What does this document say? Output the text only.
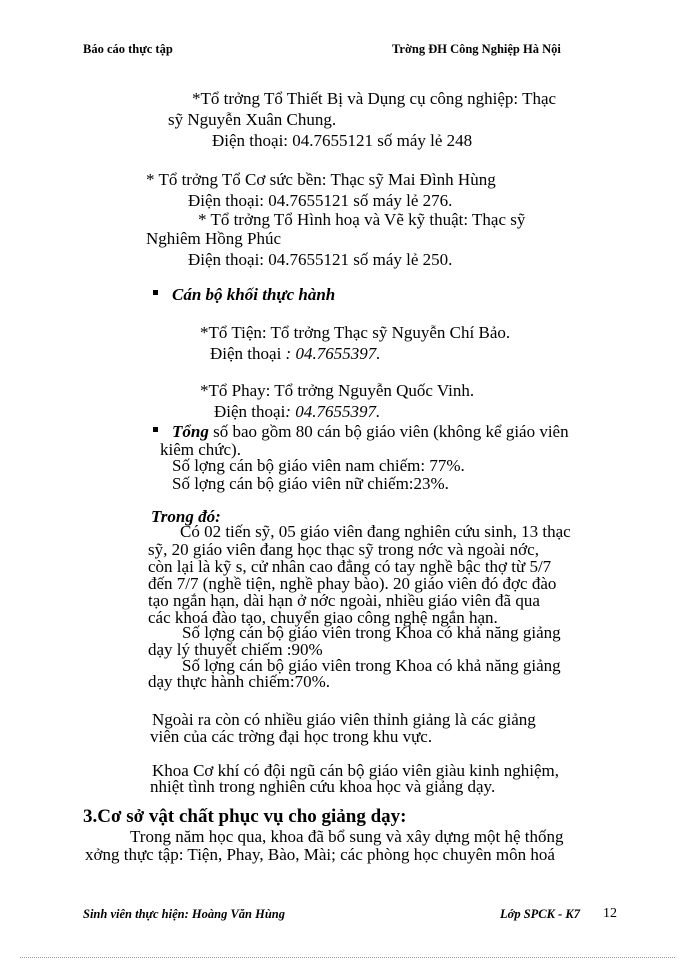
Báo cáo thực tập	Trờng ĐH Công Nghiệp Hà Nội
*Tổ trởng Tổ Thiết Bị và Dụng cụ công nghiệp: Thạc
sỹ Nguyễn Xuân Chung.
Điện thoại: 04.7655121 số máy lẻ 248
* Tổ trởng Tổ Cơ sức bền: Thạc sỹ Mai Đình Hùng
Điện thoại: 04.7655121 số máy lẻ 276.
* Tổ trởng Tổ Hình hoạ và Vẽ kỹ thuật: Thạc sỹ
Nghiêm Hồng Phúc
Điện thoại: 04.7655121 số máy lẻ 250.
Cán bộ khối thực hành
*Tổ Tiện: Tổ trởng Thạc sỹ Nguyễn Chí Bảo.
Điện thoại : 04.7655397.
*Tổ Phay: Tổ trởng Nguyễn Quốc Vinh.
Điện thoại: 04.7655397.
Tổng số bao gồm 80 cán bộ giáo viên (không kể giáo viên
kiêm chức).
Số lợng cán bộ giáo viên nam chiếm: 77%.
Số lợng cán bộ giáo viên nữ chiếm:23%.
Trong đó:
Có 02 tiến sỹ, 05 giáo viên đang nghiên cứu sinh, 13 thạc
sỹ, 20 giáo viên đang học thạc sỹ trong nớc và ngoài nớc,
còn lại là kỹ s, cử nhân cao đẳng có tay nghề bậc thợ từ 5/7
đến 7/7 (nghề tiện, nghề phay bào). 20 giáo viên đó đợc đào
tạo ngắn hạn, dài hạn ở nớc ngoài, nhiều giáo viên đã qua
các khoá đào tạo, chuyển giao công nghệ ngắn hạn.
Số lợng cán bộ giáo viên trong Khoa có khả năng giảng
dạy lý thuyết chiếm :90%
Số lợng cán bộ giáo viên trong Khoa có khả năng giảng
dạy thực hành chiếm:70%.
Ngoài ra còn có nhiều giáo viên thỉnh giảng là các giảng
viên của các trờng đại học trong khu vực.
Khoa Cơ khí có đội ngũ cán bộ giáo viên giàu kinh nghiệm,
nhiệt tình trong nghiên cứu khoa học và giảng dạy.
3.Cơ sở vật chất phục vụ cho giảng dạy:
Trong năm học qua, khoa đã bổ sung và xây dựng một hệ thống
xởng thực tập: Tiện, Phay, Bào, Mài; các phòng học chuyên môn hoá
Sinh viên thực hiện: Hoàng Văn Hùng	Lớp SPCK - K7 12
